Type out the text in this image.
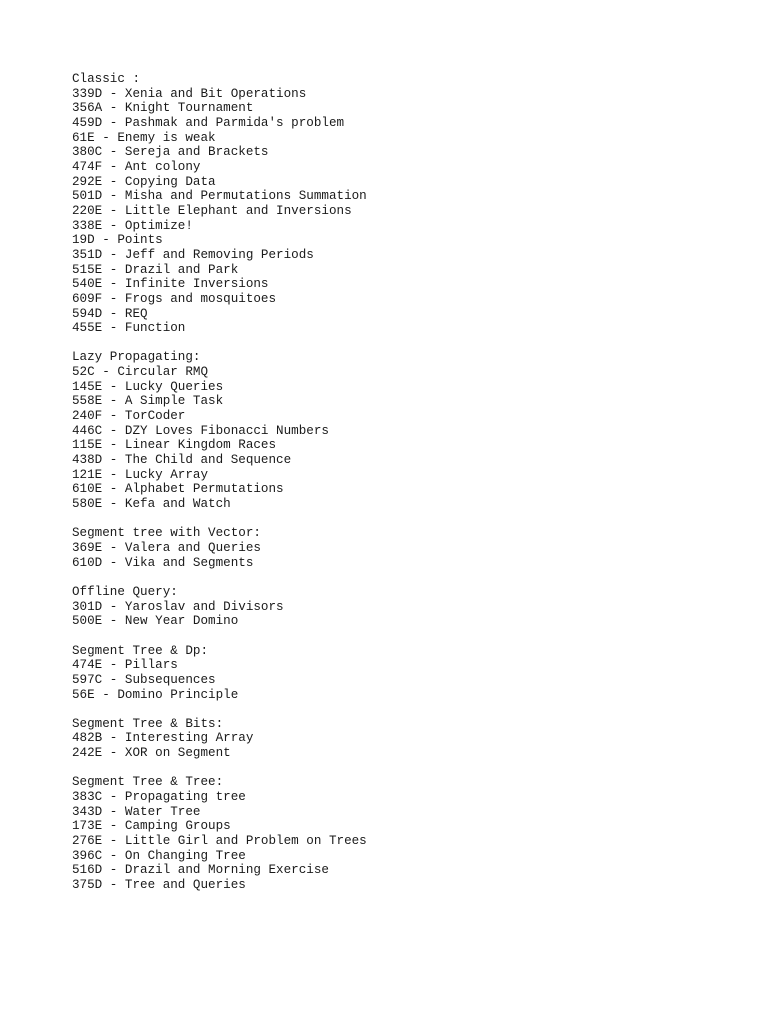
Classic :
339D - Xenia and Bit Operations
356A - Knight Tournament
459D - Pashmak and Parmida's problem
61E - Enemy is weak
380C - Sereja and Brackets
474F - Ant colony
292E - Copying Data
501D - Misha and Permutations Summation
220E - Little Elephant and Inversions
338E - Optimize!
19D - Points
351D - Jeff and Removing Periods
515E - Drazil and Park
540E - Infinite Inversions
609F - Frogs and mosquitoes
594D - REQ
455E - Function
Lazy Propagating:
52C - Circular RMQ
145E - Lucky Queries
558E - A Simple Task
240F - TorCoder
446C - DZY Loves Fibonacci Numbers
115E - Linear Kingdom Races
438D - The Child and Sequence
121E - Lucky Array
610E - Alphabet Permutations
580E - Kefa and Watch
Segment tree with Vector:
369E - Valera and Queries
610D - Vika and Segments
Offline Query:
301D - Yaroslav and Divisors
500E - New Year Domino
Segment Tree & Dp:
474E - Pillars
597C - Subsequences
56E - Domino Principle
Segment Tree & Bits:
482B - Interesting Array
242E - XOR on Segment
Segment Tree & Tree:
383C - Propagating tree
343D - Water Tree
173E - Camping Groups
276E - Little Girl and Problem on Trees
396C - On Changing Tree
516D - Drazil and Morning Exercise
375D - Tree and Queries
